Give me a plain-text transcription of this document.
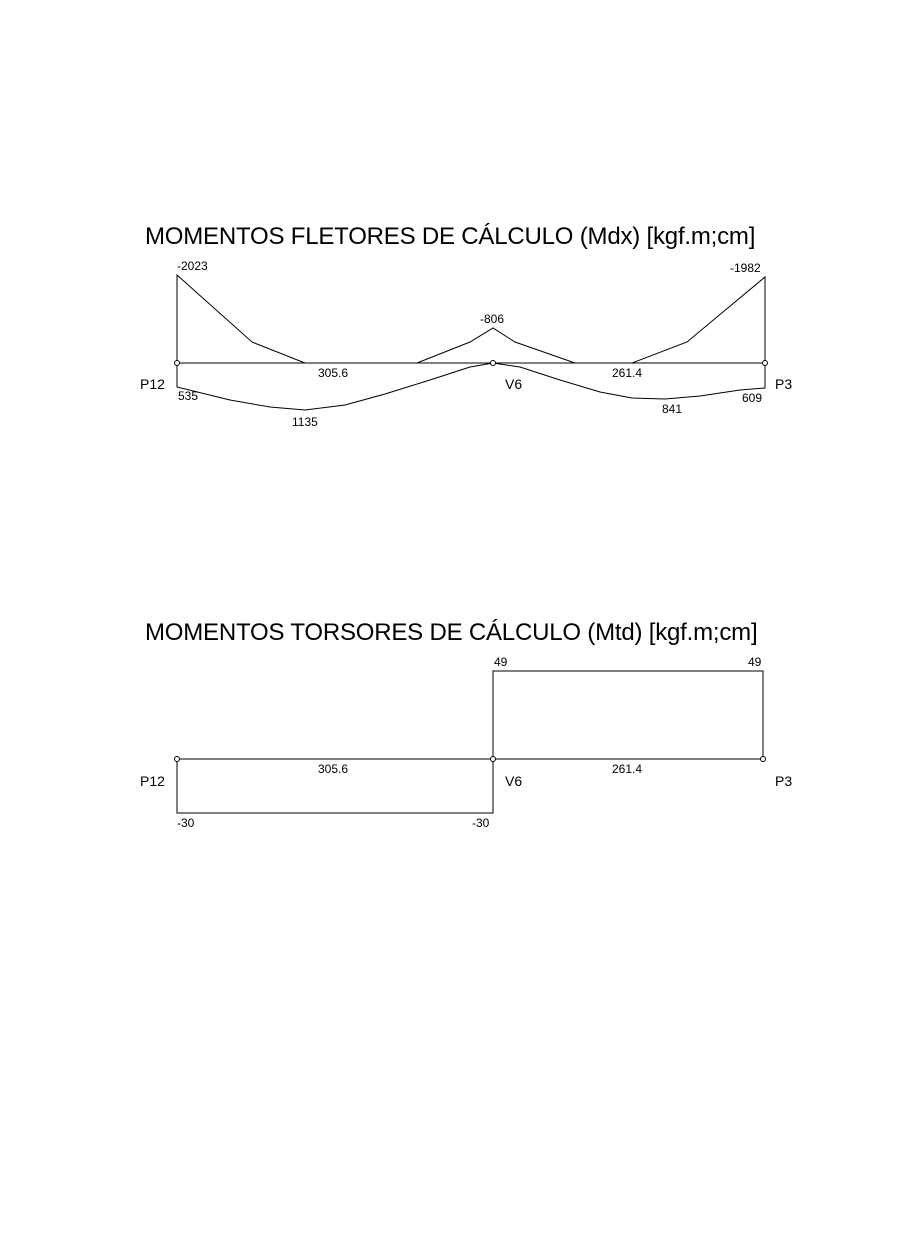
MOMENTOS FLETORES DE CÁLCULO (Mdx) [kgf.m;cm]
MOMENTOS TORSORES DE CÁLCULO (Mtd) [kgf.m;cm]
-2023
-806
-1982
305.6	261.4
535
1135
841
609
P12	V6	P3
49	49
305.6	261.4
-30	-30
P12	V6	P3
